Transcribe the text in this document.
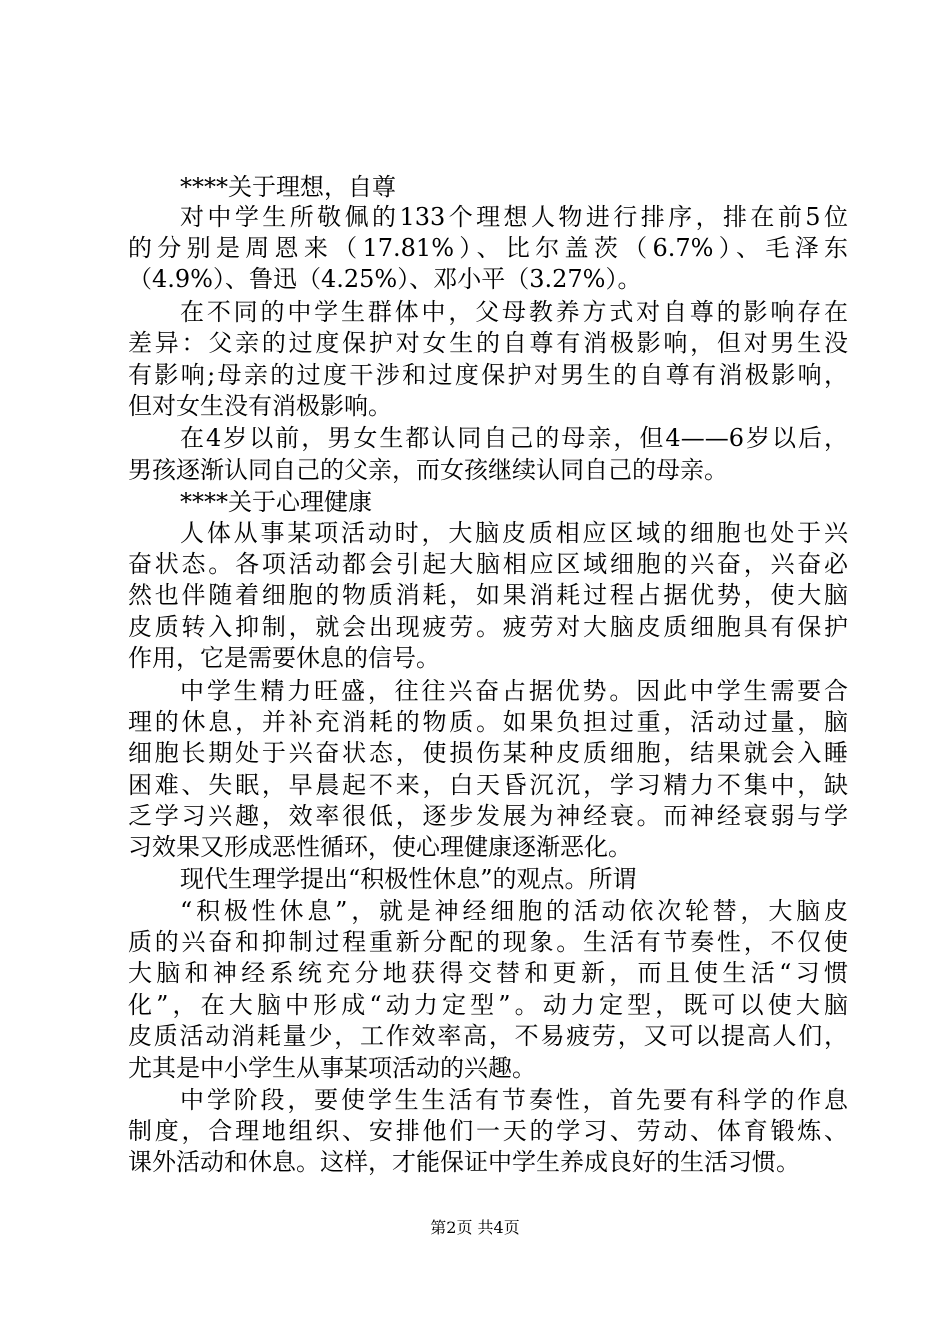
****关于理想，自尊
对中学生所敬佩的133个理想人物进行排序，排在前5位
的分别是周恩来（17.81%）、比尔盖茨（6.7%）、毛泽东
（4.9%）、鲁迅（4.25%）、邓小平（3.27%）。
在不同的中学生群体中，父母教养方式对自尊的影响存在
差异：父亲的过度保护对女生的自尊有消极影响，但对男生没
有影响;母亲的过度干涉和过度保护对男生的自尊有消极影响，
但对女生没有消极影响。
在4岁以前，男女生都认同自己的母亲，但4——6岁以后，
男孩逐渐认同自己的父亲，而女孩继续认同自己的母亲。
****关于心理健康
人体从事某项活动时，大脑皮质相应区域的细胞也处于兴
奋状态。各项活动都会引起大脑相应区域细胞的兴奋，兴奋必
然也伴随着细胞的物质消耗，如果消耗过程占据优势，使大脑
皮质转入抑制，就会出现疲劳。疲劳对大脑皮质细胞具有保护
作用，它是需要休息的信号。
中学生精力旺盛，往往兴奋占据优势。因此中学生需要合
理的休息，并补充消耗的物质。如果负担过重，活动过量，脑
细胞长期处于兴奋状态，使损伤某种皮质细胞，结果就会入睡
困难、失眠，早晨起不来，白天昏沉沉，学习精力不集中，缺
乏学习兴趣，效率很低，逐步发展为神经衰。而神经衰弱与学
习效果又形成恶性循环，使心理健康逐渐恶化。
现代生理学提出“积极性休息”的观点。所谓
“积极性休息”，就是神经细胞的活动依次轮替，大脑皮
质的兴奋和抑制过程重新分配的现象。生活有节奏性，不仅使
大脑和神经系统充分地获得交替和更新，而且使生活“习惯
化”，在大脑中形成“动力定型”。动力定型，既可以使大脑
皮质活动消耗量少，工作效率高，不易疲劳，又可以提高人们，
尤其是中小学生从事某项活动的兴趣。
中学阶段，要使学生生活有节奏性，首先要有科学的作息
制度，合理地组织、安排他们一天的学习、劳动、体育锻炼、
课外活动和休息。这样，才能保证中学生养成良好的生活习惯。
第2页 共4页
